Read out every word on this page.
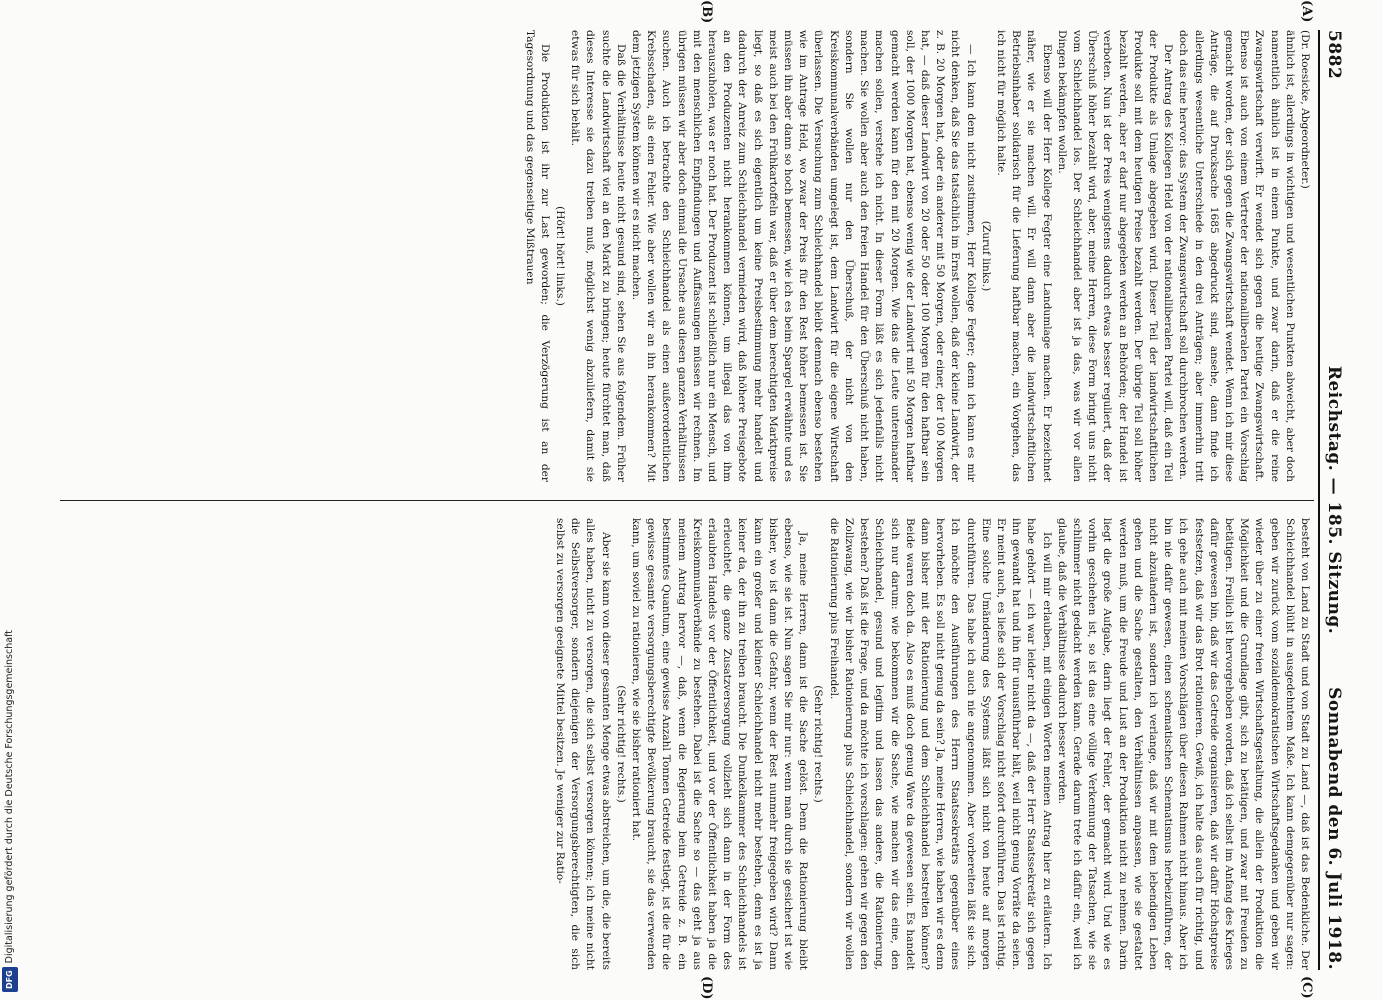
5882
Reichstag. — 185. Sitzung.
Sonnabend den 6. Juli 1918.

(Dr. Roesicke, Abgeordneter.)

ähnlich ist, allerdings in wichtigen und wesentlichen Punkten abweicht, aber doch namentlich ähnlich ist in einem Punkte, und zwar darin, daß er die reine Zwangswirtschaft verwirft. Er wendet sich gegen die heutige Zwangswirtschaft. Ebenso ist auch von einem Vertreter der nationalliberalen Partei ein Vorschlag gemacht worden, der sich gegen die Zwangswirtschaft wendet. Wenn ich mir diese Anträge, die auf Drucksache 1685 abgedruckt sind, ansehe, dann finde ich allerdings wesentliche Unterschiede in den drei Anträgen; aber immerhin tritt doch das eine hervor: das System der Zwangswirtschaft soll durchbrochen werden.

Der Antrag des Kollegen Held von der nationalliberalen Partei will, daß ein Teil der Produkte als Umlage abgegeben wird. Dieser Teil der landwirtschaftlichen Produkte soll mit dem heutigen Preise bezahlt werden. Der übrige Teil soll höher bezahlt werden, aber er darf nur abgegeben werden an Behörden; der Handel ist verboten. Nun ist der Preis wenigstens dadurch etwas besser reguliert, daß der Überschuß höher bezahlt wird, aber, meine Herren, diese Form bringt uns nicht vom Schleichhandel los. Der Schleichhandel aber ist ja das, was wir vor allen Dingen bekämpfen wollen.

Ebenso will der Herr Kollege Fegter eine Landumlage machen. Er bezeichnet näher, wie er sie machen will. Er will dann aber die landwirtschaftlichen Betriebsinhaber solidarisch für die Lieferung haftbar machen, ein Vorgehen, das ich nicht für möglich halte.

(Zuruf links.)

— Ich kann dem nicht zustimmen, Herr Kollege Fegter; denn ich kann es mir nicht denken, daß Sie das tatsächlich im Ernst wollen, daß der kleine Landwirt, der z. B. 20 Morgen hat, oder ein anderer mit 50 Morgen, oder einer, der 100 Morgen hat, — daß dieser Landwirt von 20 oder 50 oder 100 Morgen für den haftbar sein soll, der 1000 Morgen hat, ebenso wenig wie der Landwirt mit 50 Morgen haftbar gemacht werden kann für den mit 20 Morgen. Wie das die Leute untereinander machen sollen, verstehe ich nicht. In dieser Form läßt es sich jedenfalls nicht machen. Sie wollen aber auch den freien Handel für den Überschuß nicht haben, sondern Sie wollen nur den Überschuß, der nicht von den Kreiskommunalverbänden umgelegt ist, dem Landwirt für die eigene Wirtschaft überlassen. Die Versuchung zum Schleichhandel bleibt demnach ebenso bestehen wie im Antrage Held, wo zwar der Preis für den Rest höher bemessen ist. Sie müssen ihn aber dann so hoch bemessen, wie ich es beim Spargel erwähnte und es meist auch bei den Frühkartoffeln war, daß er über dem berechtigten Marktpreise liegt, so daß es sich eigentlich um keine Preisbestimmung mehr handelt und dadurch der Anreiz zum Schleichhandel vermieden wird, daß höhere Preisgebote an den Produzenten nicht herankommen können, um illegal das von ihm herauszuholen, was er noch hat. Der Produzent ist schließlich nur ein Mensch, und mit den menschlichen Empfindungen und Auffassungen müssen wir rechnen. Im übrigen müssen wir aber doch einmal die Ursache aus diesen ganzen Verhältnissen suchen. Auch ich betrachte den Schleichhandel als einen außerordentlichen Krebsschaden, als einen Fehler. Wie aber wollen wir an ihn herankommen? Mit dem jetzigen System können wir es nicht machen.

Daß die Verhältnisse heute nicht gesund sind, sehen Sie aus folgendem. Früher suchte die Landwirtschaft viel an den Markt zu bringen; heute fürchtet man, daß dieses Interesse sie dazu treiben muß, möglichst wenig abzuliefern, damit sie etwas für sich behält.

(Hört! hört! links.)

Die Produktion ist ihr zur Last geworden; die Verzögerung ist an der Tagesordnung und das gegenseitige Mißtrauen

besteht von Land zu Stadt und von Stadt zu Land —, daß ist das Bedenkliche. Der Schleichhandel blüht in ausgedehntem Maße. Ich kann demgegenüber nur sagen: geben wir zurück vom sozialdemokratischen Wirtschaftsgedanken und geben wir wieder über zu einer freien Wirtschaftsgestaltung, die allein der Produktion die Möglichkeit und die Grundlage gibt, sich zu betätigen, und zwar mit Freuden zu betätigen. Freilich ist hervorgehoben worden, daß ich selbst im Anfang des Krieges dafür gewesen bin, daß wir das Getreide organisieren, daß wir dafür Höchstpreise festsetzen, daß wir das Brot rationieren. Gewiß, ich halte das auch für richtig, und ich gehe auch mit meinen Vorschlägen über diesen Rahmen nicht hinaus. Aber ich bin nie dafür gewesen, einen schematischen Schematismus herbeizuführen, der nicht abzuändern ist, sondern ich verlange, daß wir mit dem lebendigen Leben gehen und die Sache gestalten, den Verhältnissen anpassen, wie sie gestaltet werden muß, um die Freude und Lust an der Produktion nicht zu nehmen. Darin liegt die große Aufgabe, darin liegt der Fehler, der gemacht wird. Und wie es vorhin geschehen ist, so ist das eine völlige Verkennung der Tatsachen, wie sie schlimmer nicht gedacht werden kann. Gerade darum trete ich dafür ein, weil ich glaube, daß die Verhältnisse dadurch besser werden.

Ich will mir erlauben, mit einigen Worten meinen Antrag hier zu erläutern. Ich habe gehört — ich war leider nicht da —, daß der Herr Staatssekretär sich gegen ihn gewandt hat und ihn für unausführbar hält, weil nicht genug Vorräte da seien. Er meint auch, es ließe sich der Vorschlag nicht sofort durchführen. Das ist richtig. Eine solche Umänderung des Systems läßt sich nicht von heute auf morgen durchführen. Das habe ich auch nie angenommen. Aber vorbereiten läßt sie sich. Ich möchte den Ausführungen des Herrn Staatssekretärs gegenüber eines hervorheben. Es soll nicht genug da sein? Ja, meine Herren, wie haben wir es denn dann bisher mit der Rationierung und dem Schleichhandel bestreiten können? Beide waren doch da. Also es muß doch genug Ware da gewesen sein. Es handelt sich nur darum: wie bekommen wir die Sache, wie machen wir das eine, den Schleichhandel, gesund und legitim und lassen das andere, die Rationierung, bestehen? Daß ist die Frage, und da möchte ich vorschlagen: gehen wir gegen den Zollzwang, wie wir bisher Rationierung plus Schleichhandel, sondern wir wollen die Rationierung plus Freihandel.

(Sehr richtig! rechts.)

Ja, meine Herren, dann ist die Sache gelöst. Denn die Rationierung bleibt ebenso, wie sie ist. Nun sagen Sie mir nur: wenn man durch sie gesichert ist wie bisher, wo ist dann die Gefahr, wenn der Rest nunmehr freigegeben wird? Dann kann ein großer und kleiner Schleichhandel nicht mehr bestehen, denn es ist ja keiner da, der ihn zu treiben braucht. Die Dunkelkammer des Schleichhandels ist erleuchtet, die ganze Zusatzversorgung vollzieht sich dann in der Form des erlaubten Handels vor der Öffentlichkeit, und vor der Öffentlichkeit haben ja die Kreiskommunalverbände zu bestehen. Dabei ist die Sache so — das geht ja aus meinem Antrag hervor —, daß, wenn die Regierung beim Getreide z. B. ein bestimmtes Quantum, eine gewisse Anzahl Tonnen Getreide festlegt, ist die für die gewisse gesamte versorgungsberechtigte Bevölkerung braucht, sie das verwenden kann, um soviel zu rationieren, wie sie bisher rationiert hat.

(Sehr richtig! rechts.)

Aber sie kann von dieser gesamten Menge etwas abstreichen, um die, die bereits alles haben, nicht zu versorgen, die sich selbst versorgen können; ich meine nicht die Selbstversorger, sondern diejenigen der Versorgungsberechtigten, die sich selbst zu versorgen geeignete Mittel besitzen. Je weniger zur Ratio-

(A)
(B)
(C)
(D)
DFGDigitalisierung gefördert durch die Deutsche Forschungsgemeinschaft
